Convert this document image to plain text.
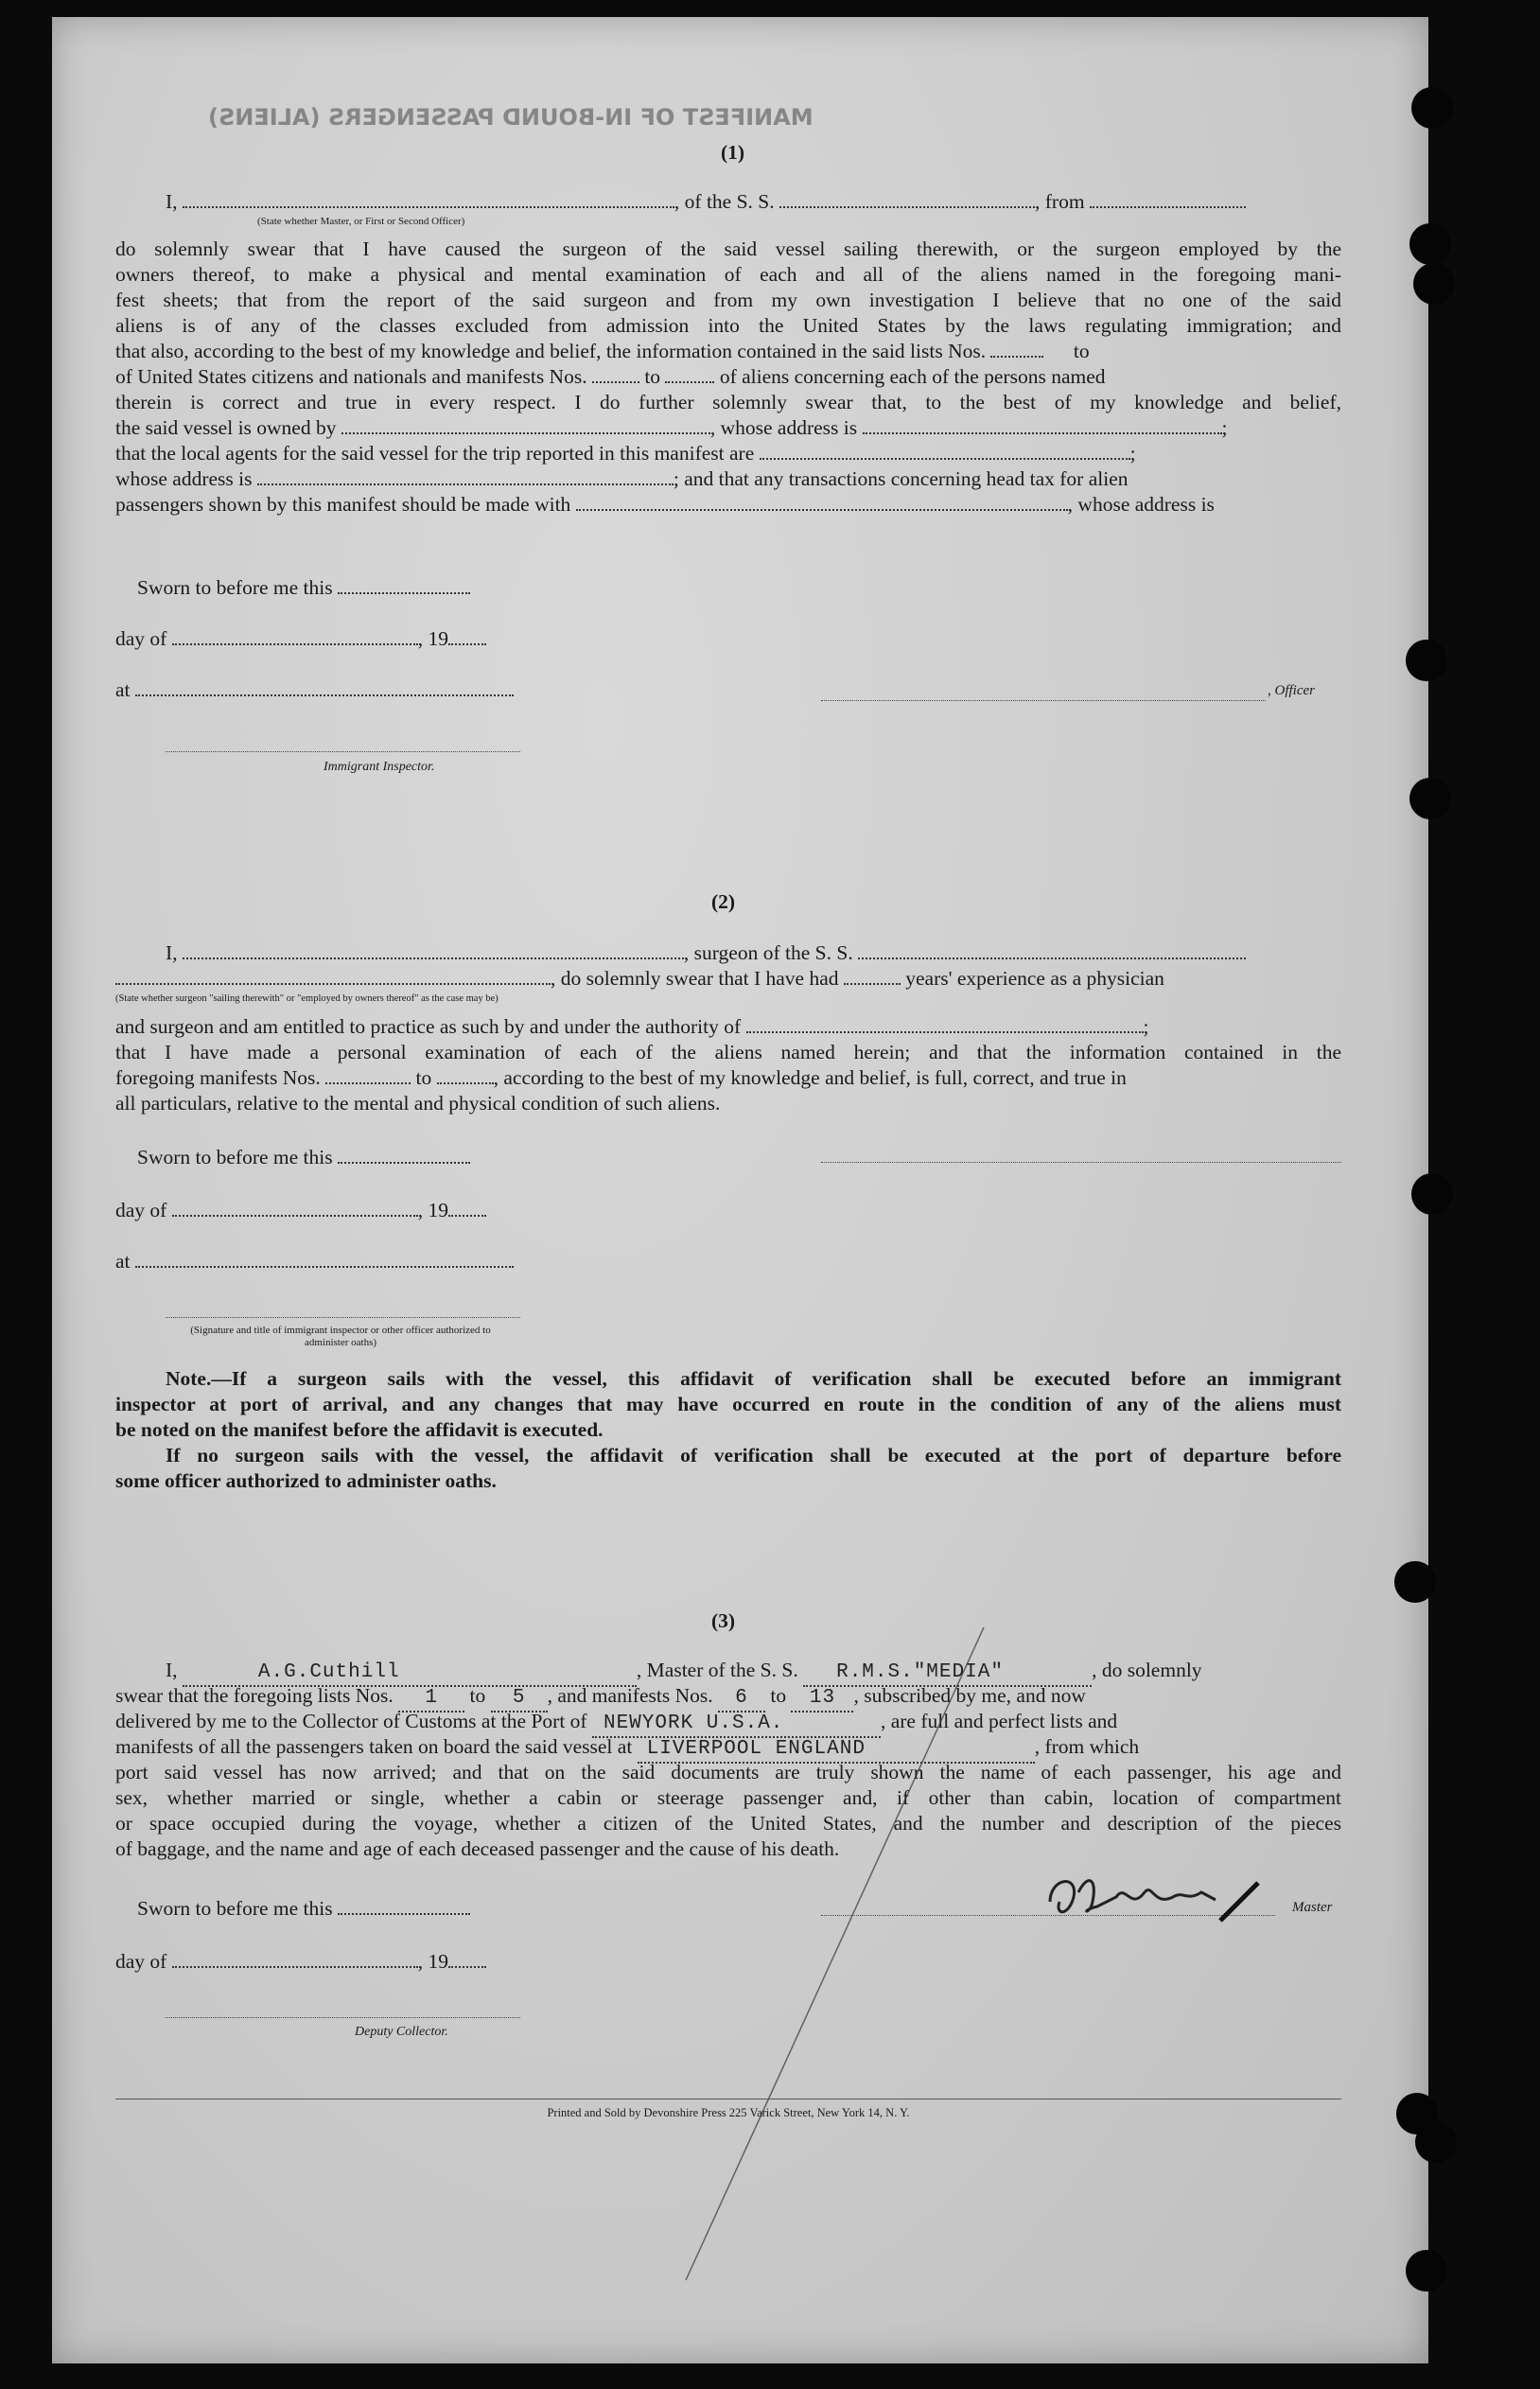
MANIFEST OF IN-BOUND PASSENGERS (ALIENS)
(1)
I,	, of the S. S.	, from
(State whether Master, or First or Second Officer)
do solemnly swear that I have caused the surgeon of the said vessel sailing therewith, or the surgeon employed by the
owners thereof, to make a physical and mental examination of each and all of the aliens named in the foregoing mani-
fest sheets; that from the report of the said surgeon and from my own investigation I believe that no one of the said
aliens is of any of the classes excluded from admission into the United States by the laws regulating immigration; and
that also, according to the best of my knowledge and belief, the information contained in the said lists Nos.	to
of United States citizens and nationals and manifests Nos.	to	of aliens concerning each of the persons named
therein is correct and true in every respect. I do further solemnly swear that, to the best of my knowledge and belief,
the said vessel is owned by	, whose address is	;
that the local agents for the said vessel for the trip reported in this manifest are	;
whose address is	; and that any transactions concerning head tax for alien
passengers shown by this manifest should be made with	, whose address is
Sworn to before me this
day of	, 19
at	, Officer
Immigrant Inspector.
(2)
I,	, surgeon of the S. S.
, do solemnly swear that I have had	years' experience as a physician
(State whether surgeon "sailing therewith" or "employed by owners thereof" as the case may be)
and surgeon and am entitled to practice as such by and under the authority of	;
that I have made a personal examination of each of the aliens named herein; and that the information contained in the
foregoing manifests Nos.	to	, according to the best of my knowledge and belief, is full, correct, and true in
all particulars, relative to the mental and physical condition of such aliens.
Sworn to before me this
day of	, 19
at
(Signature and title of immigrant inspector or other officer authorized to administer oaths)
Note.—If a surgeon sails with the vessel, this affidavit of verification shall be executed before an immigrant
inspector at port of arrival, and any changes that may have occurred en route in the condition of any of the aliens must
be noted on the manifest before the affidavit is executed.
If no surgeon sails with the vessel, the affidavit of verification shall be executed at the port of departure before
some officer authorized to administer oaths.
(3)
I,	A.G.Cuthill	, Master of the S. S. R.M.S."MEDIA"	, do solemnly
swear that the foregoing lists Nos. 1 to 5 , and manifests Nos. 6 to 13 , subscribed by me, and now
delivered by me to the Collector of Customs at the Port of NEWYORK U.S.A.	, are full and perfect lists and
manifests of all the passengers taken on board the said vessel at LIVERPOOL ENGLAND	, from which
port said vessel has now arrived; and that on the said documents are truly shown the name of each passenger, his age and
sex, whether married or single, whether a cabin or steerage passenger and, if other than cabin, location of compartment
or space occupied during the voyage, whether a citizen of the United States, and the number and description of the pieces
of baggage, and the name and age of each deceased passenger and the cause of his death.
Sworn to before me this	Master
day of	, 19
Deputy Collector.
Printed and Sold by Devonshire Press 225 Varick Street, New York 14, N. Y.
